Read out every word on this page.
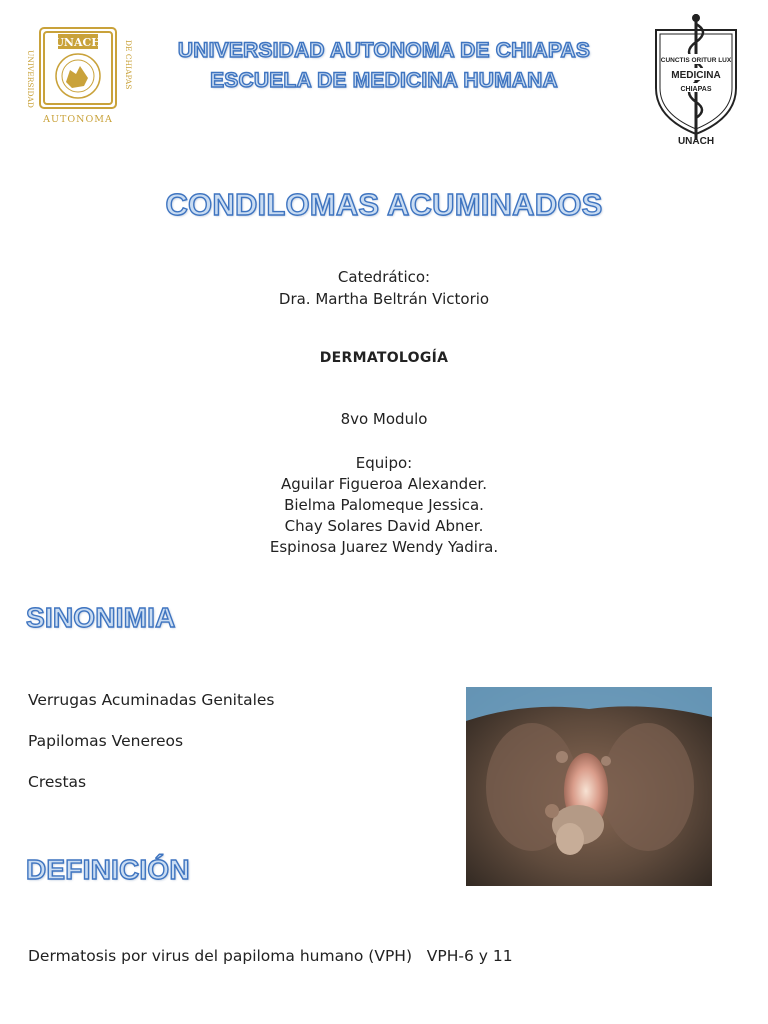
UNACH
AUTONOMA
UNIVERSIDAD	DE CHIAPAS	UNIVERSIDAD AUTONOMA DE CHIAPAS
ESCUELA DE MEDICINA HUMANA
CUNCTIS ORITUR LUX
MEDICINA
CHIAPAS
UNACH
CONDILOMAS ACUMINADOS
Catedrático:
Dra. Martha Beltrán Victorio
DERMATOLOGÍA
8vo Modulo
Equipo:
Aguilar Figueroa Alexander.
Bielma Palomeque Jessica.
Chay Solares David Abner.
Espinosa Juarez Wendy Yadira.
SINONIMIA
Verrugas Acuminadas Genitales
Papilomas Venereos
Crestas
DEFINICIÓN
Dermatosis por virus del papiloma humano (VPH)   VPH-6 y 11
